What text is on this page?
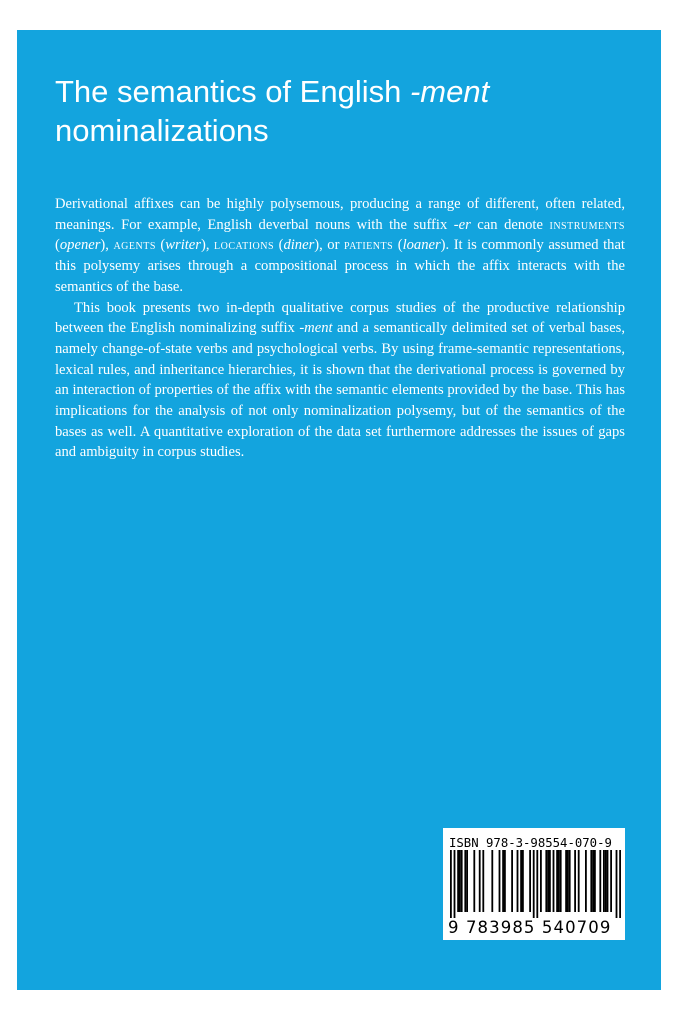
The semantics of English -ment
nominalizations

Derivational affixes can be highly polysemous, producing a range of different, often related, meanings. For example, English deverbal nouns with the suffix -er can denote instruments (opener), agents (writer), locations (diner), or patients (loaner). It is commonly assumed that this polysemy arises through a compositional process in which the affix interacts with the semantics of the base.

This book presents two in-depth qualitative corpus studies of the productive relationship between the English nominalizing suffix -ment and a semantically delimited set of verbal bases, namely change-of-state verbs and psychological verbs. By using frame-semantic representations, lexical rules, and inheritance hierarchies, it is shown that the derivational process is governed by an interaction of properties of the affix with the semantic elements provided by the base. This has implications for the analysis of not only nominalization polysemy, but of the semantics of the bases as well. A quantitative exploration of the data set furthermore addresses the issues of gaps and ambiguity in corpus studies.

ISBN 978-3-98554-070-9
9 783985 540709
